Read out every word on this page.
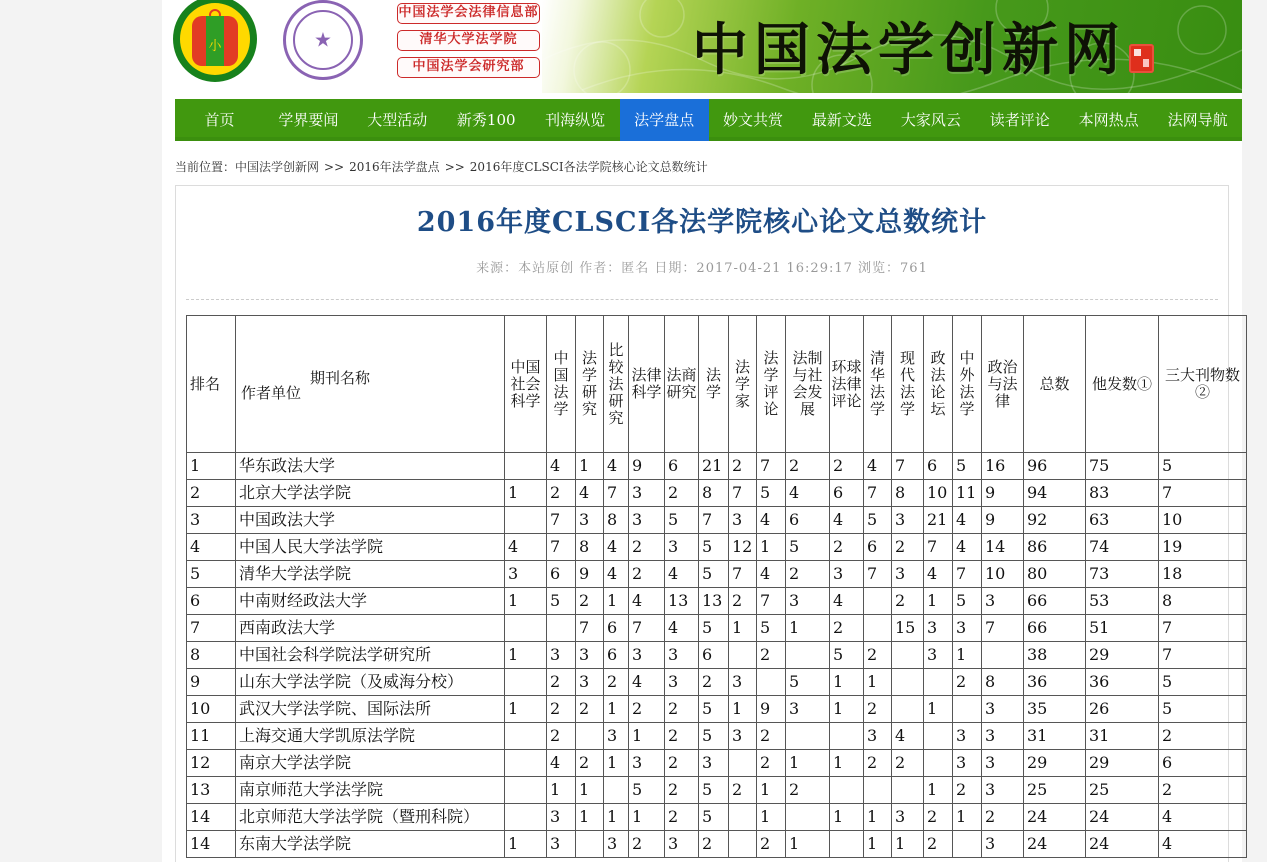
小	★
中国法学会法律信息部
清华大学法学院
中国法学会研究部	中国法学创新网
首页	学界要闻	大型活动	新秀100	刊海纵览	法学盘点	妙文共赏	最新文选	大家风云	读者评论	本网热点	法网导航
当前位置：中国法学创新网 >> 2016年法学盘点 >> 2016年度CLSCI各法学院核心论文总数统计
2016年度CLSCI各法学院核心论文总数统计
来源：本站原创 作者：匿名 日期：2017-04-21 16:29:17 浏览：761
排名	期刊名称
作者单位	中国社会科学	中国法学	法学研究	比较法研究	法律科学	法商研究	法学	法学家	法学评论	法制与社会发展	环球法律评论	清华法学	现代法学	政法论坛	中外法学	政治与法律	总数	他发数①	三大刊物数②
1	华东政法大学		4	1	4	9	6	21	2	7	2	2	4	7	6	5	16	96	75	5
2	北京大学法学院	1	2	4	7	3	2	8	7	5	4	6	7	8	10	11	9	94	83	7
3	中国政法大学		7	3	8	3	5	7	3	4	6	4	5	3	21	4	9	92	63	10
4	中国人民大学法学院	4	7	8	4	2	3	5	12	1	5	2	6	2	7	4	14	86	74	19
5	清华大学法学院	3	6	9	4	2	4	5	7	4	2	3	7	3	4	7	10	80	73	18
6	中南财经政法大学	1	5	2	1	4	13	13	2	7	3	4		2	1	5	3	66	53	8
7	西南政法大学			7	6	7	4	5	1	5	1	2		15	3	3	7	66	51	7
8	中国社会科学院法学研究所	1	3	3	6	3	3	6		2		5	2		3	1		38	29	7
9	山东大学法学院（及威海分校）		2	3	2	4	3	2	3		5	1	1			2	8	36	36	5
10	武汉大学法学院、国际法所	1	2	2	1	2	2	5	1	9	3	1	2		1		3	35	26	5
11	上海交通大学凯原法学院		2		3	1	2	5	3	2			3	4		3	3	31	31	2
12	南京大学法学院		4	2	1	3	2	3		2	1	1	2	2		3	3	29	29	6
13	南京师范大学法学院		1	1		5	2	5	2	1	2				1	2	3	25	25	2
14	北京师范大学法学院（暨刑科院）		3	1	1	1	2	5		1		1	1	3	2	1	2	24	24	4
14	东南大学法学院	1	3		3	2	3	2		2	1		1	1	2		3	24	24	4
